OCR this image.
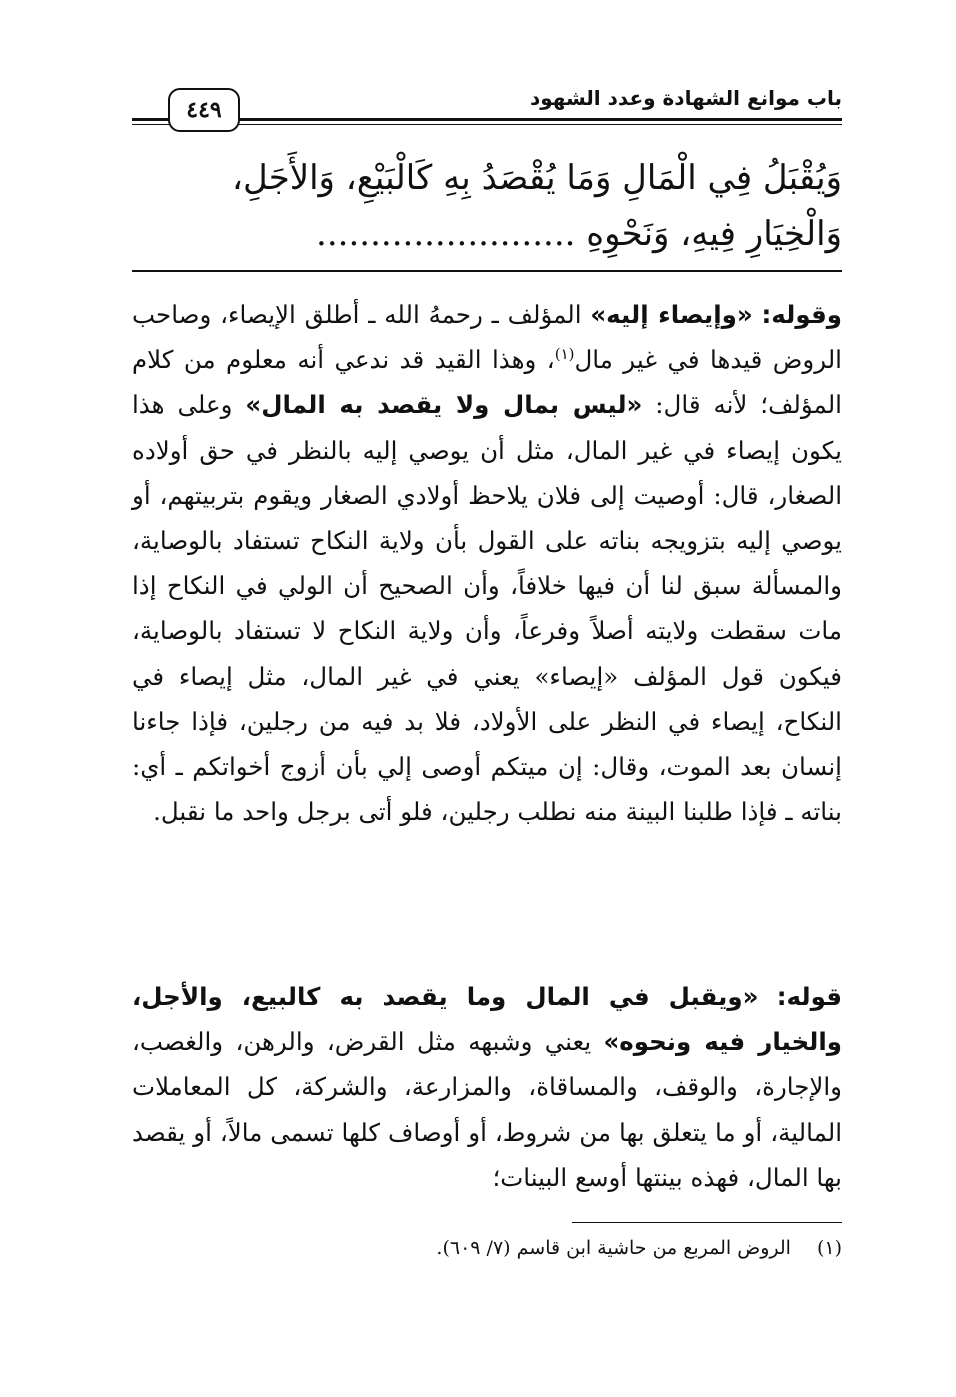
باب موانع الشهادة وعدد الشهود
٤٤٩
وَيُقْبَلُ فِي الْمَالِ وَمَا يُقْصَدُ بِهِ كَالْبَيْعِ، وَالأَجَلِ،
وَالْخِيَارِ فِيهِ، وَنَحْوِهِ ........................
وقوله: «وإيصاء إليه» المؤلف ـ رحمهُ الله ـ أطلق الإيصاء، وصاحب الروض قيدها في غير مال$^{(١)}$، وهذا القيد قد ندعي أنه معلوم من كلام المؤلف؛ لأنه قال: «ليس بمال ولا يقصد به المال» وعلى هذا يكون إيصاء في غير المال، مثل أن يوصي إليه بالنظر في حق أولاده الصغار، قال: أوصيت إلى فلان يلاحظ أولادي الصغار ويقوم بتربيتهم، أو يوصي إليه بتزويجه بناته على القول بأن ولاية النكاح تستفاد بالوصاية، والمسألة سبق لنا أن فيها خلافاً، وأن الصحيح أن الولي في النكاح إذا مات سقطت ولايته أصلاً وفرعاً، وأن ولاية النكاح لا تستفاد بالوصاية، فيكون قول المؤلف «إيصاء» يعني في غير المال، مثل إيصاء في النكاح، إيصاء في النظر على الأولاد، فلا بد فيه من رجلين، فإذا جاءنا إنسان بعد الموت، وقال: إن ميتكم أوصى إلي بأن أزوج أخواتكم ـ أي: بناته ـ فإذا طلبنا البينة منه نطلب رجلين، فلو أتى برجل واحد ما نقبل.
قوله: «ويقبل في المال وما يقصد به كالبيع، والأجل، والخيار فيه ونحوه» يعني وشبهه مثل القرض، والرهن، والغصب، والإجارة، والوقف، والمساقاة، والمزارعة، والشركة، كل المعاملات المالية، أو ما يتعلق بها من شروط، أو أوصاف كلها تسمى مالاً، أو يقصد بها المال، فهذه بينتها أوسع البينات؛
(١)الروض المربع من حاشية ابن قاسم (٧/ ٦٠٩).
